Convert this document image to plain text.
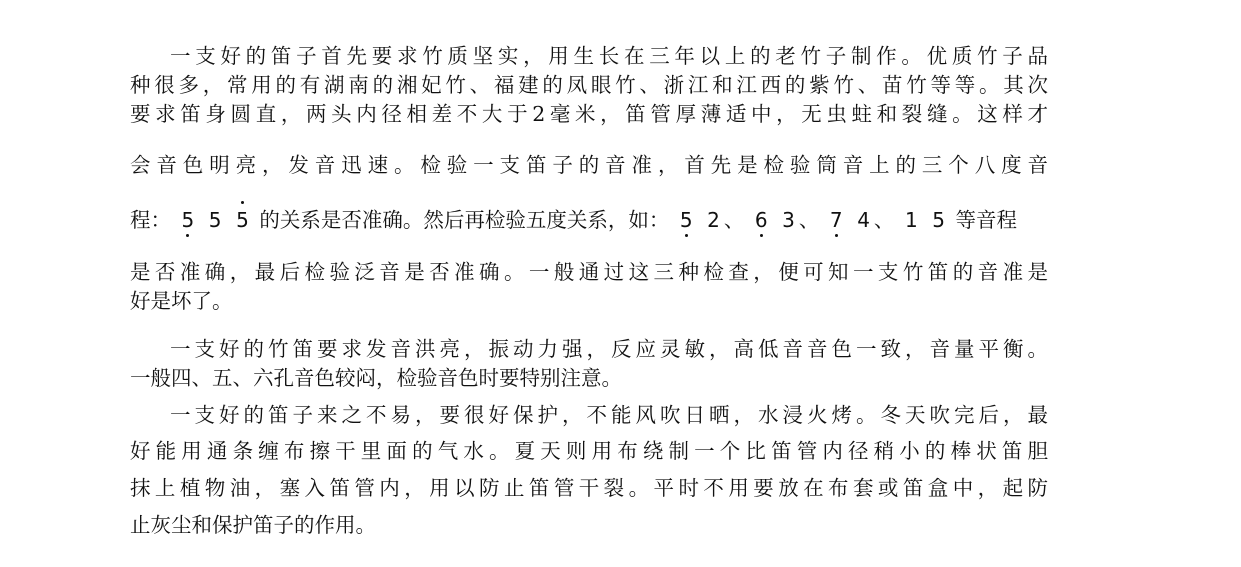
一支好的笛子首先要求竹质坚实，用生长在三年以上的老竹子制作。优质竹子品
种很多，常用的有湖南的湘妃竹、福建的凤眼竹、浙江和江西的紫竹、苗竹等等。其次
要求笛身圆直，两头内径相差不大于2毫米，笛管厚薄适中，无虫蛀和裂缝。这样才
会音色明亮，发音迅速。检验一支笛子的音准，首先是检验筒音上的三个八度音
程： 5 5 5 的关系是否准确。然后再检验五度关系，如： 5 2 、 6 3 、 7 4 、 1 5 等音程
是否准确，最后检验泛音是否准确。一般通过这三种检查，便可知一支竹笛的音准是
好是坏了。
一支好的竹笛要求发音洪亮，振动力强，反应灵敏，高低音音色一致，音量平衡。
一般四、五、六孔音色较闷，检验音色时要特别注意。
一支好的笛子来之不易，要很好保护，不能风吹日晒，水浸火烤。冬天吹完后，最
好能用通条缠布擦干里面的气水。夏天则用布绕制一个比笛管内径稍小的棒状笛胆
抹上植物油，塞入笛管内，用以防止笛管干裂。平时不用要放在布套或笛盒中，起防
止灰尘和保护笛子的作用。
